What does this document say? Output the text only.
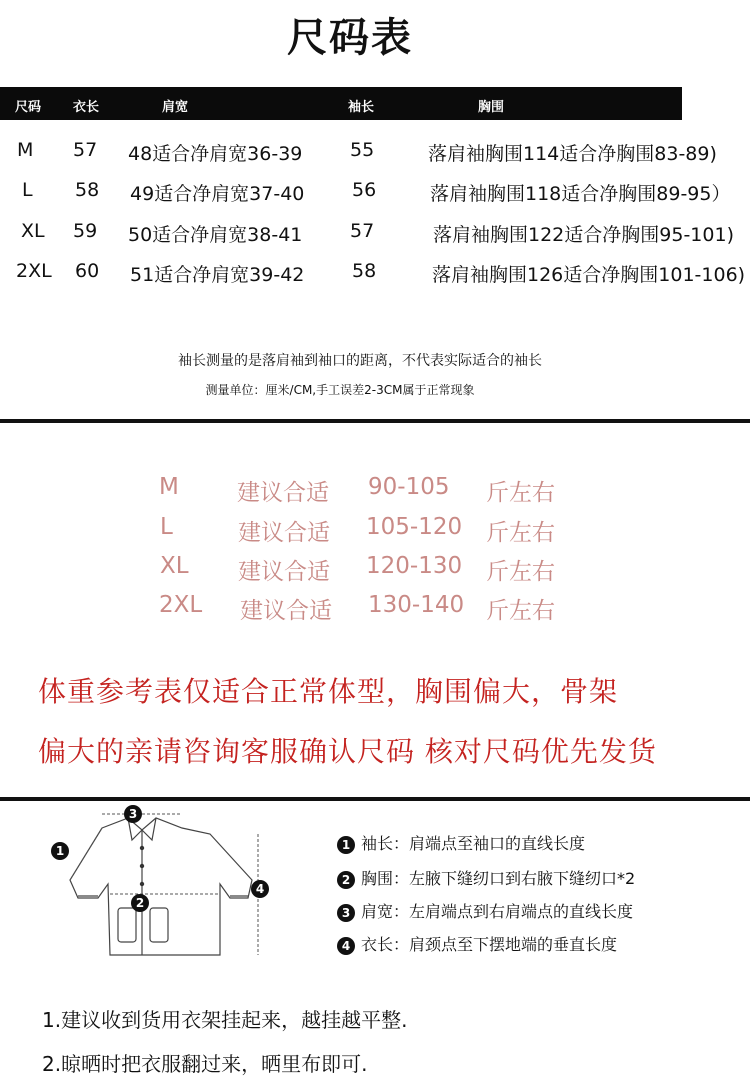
尺码表
尺码 衣长	肩宽	袖长	胸围
M 57 48适合净肩宽36-39	55	落肩袖胸围114适合净胸围83-89)
L 58 49适合净肩宽37-40	56	落肩袖胸围118适合净胸围89-95）
XL 59 50适合净肩宽38-41	57	落肩袖胸围122适合净胸围95-101)
2XL 60 51适合净肩宽39-42	58	落肩袖胸围126适合净胸围101-106)
袖长测量的是落肩袖到袖口的距离，不代表实际适合的袖长
测量单位：厘米/CM,手工误差2-3CM属于正常现象
M	建议合适 90-105 斤左右
L	建议合适 105-120 斤左右
XL 建议合适 120-130 斤左右
2XL 建议合适 130-140 斤左右
体重参考表仅适合正常体型，胸围偏大，骨架
偏大的亲请咨询客服确认尺码 核对尺码优先发货
3
1
2
4
1 袖长：肩端点至袖口的直线长度
2 胸围：左腋下缝纫口到右腋下缝纫口*2
3 肩宽：左肩端点到右肩端点的直线长度
4 衣长：肩颈点至下摆地端的垂直长度
1.建议收到货用衣架挂起来，越挂越平整.
2.晾晒时把衣服翻过来，晒里布即可.
